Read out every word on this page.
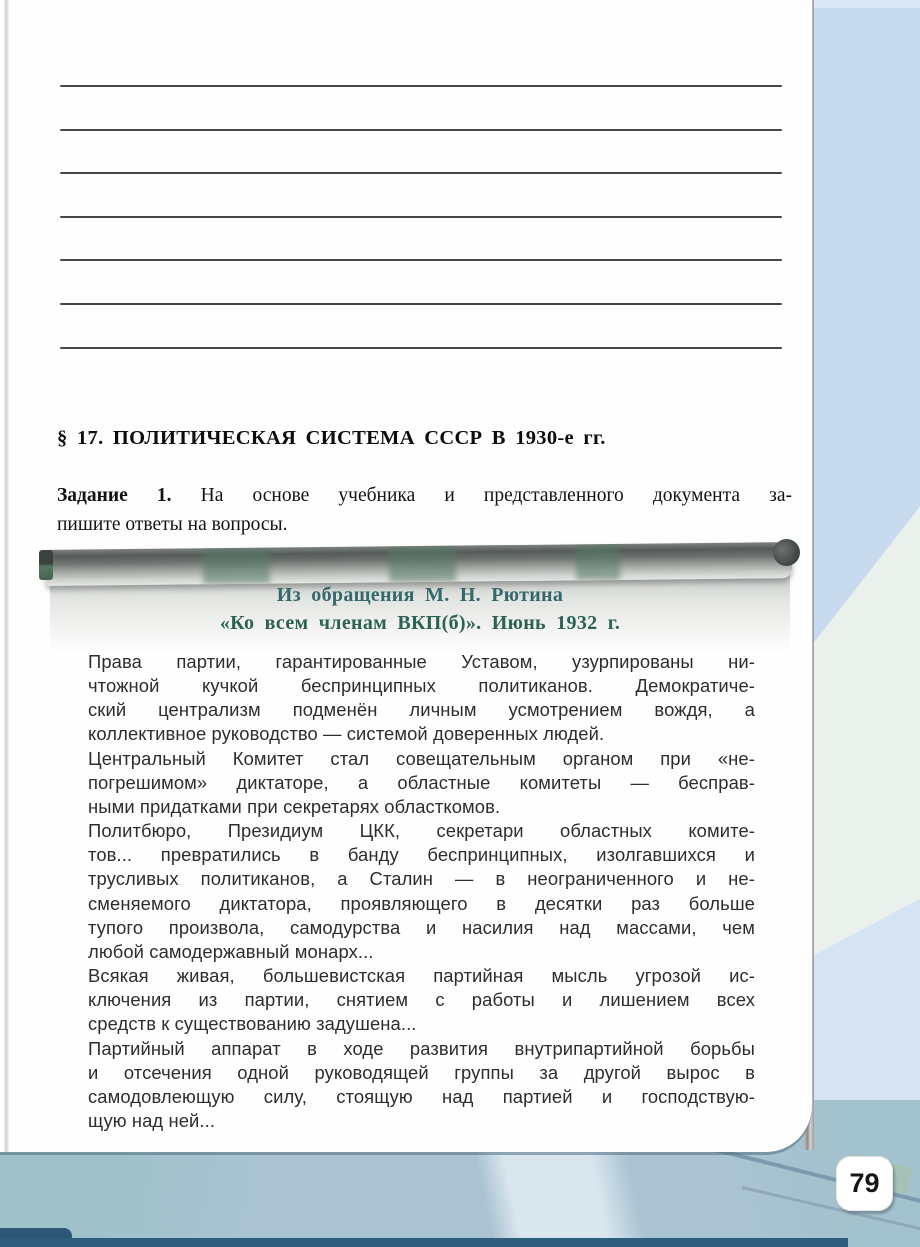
§ 17. ПОЛИТИЧЕСКАЯ СИСТЕМА СССР В 1930-е гг.
Задание 1. На основе учебника и представленного документа за-
пишите ответы на вопросы.
Из обращения М. Н. Рютина
«Ко всем членам ВКП(б)». Июнь 1932 г.
Права партии, гарантированные Уставом, узурпированы ни-
чтожной кучкой беспринципных политиканов. Демократиче-
ский централизм подменён личным усмотрением вождя, а
коллективное руководство — системой доверенных людей.
Центральный Комитет стал совещательным органом при «не-
погрешимом» диктаторе, а областные комитеты — бесправ-
ными придатками при секретарях областкомов.
Политбюро, Президиум ЦКК, секретари областных комите-
тов... превратились в банду беспринципных, изолгавшихся и
трусливых политиканов, а Сталин — в неограниченного и не-
сменяемого диктатора, проявляющего в десятки раз больше
тупого произвола, самодурства и насилия над массами, чем
любой самодержавный монарх...
Всякая живая, большевистская партийная мысль угрозой ис-
ключения из партии, снятием с работы и лишением всех
средств к существованию задушена...
Партийный аппарат в ходе развития внутрипартийной борьбы
и отсечения одной руководящей группы за другой вырос в
самодовлеющую силу, стоящую над партией и господствую-
щую над ней...
79
